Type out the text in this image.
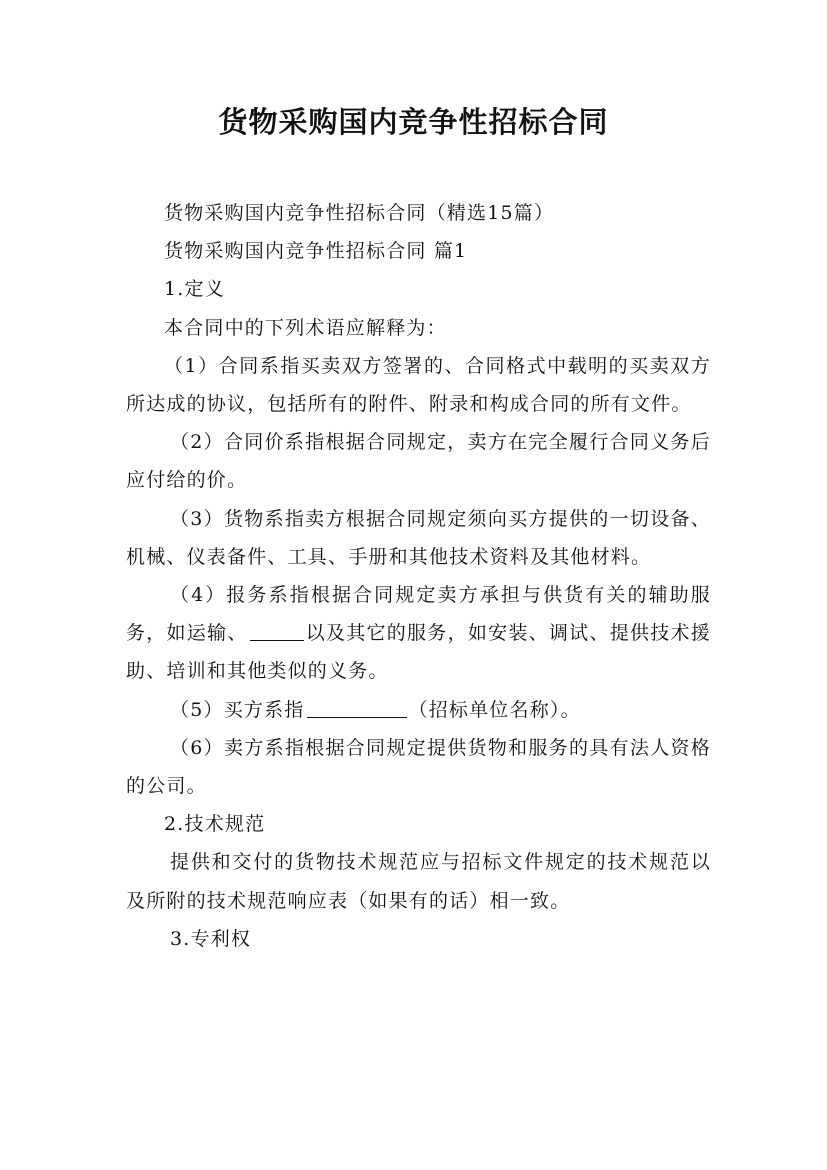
货物采购国内竞争性招标合同

货物采购国内竞争性招标合同（精选15篇）

货物采购国内竞争性招标合同 篇1

1.定义

本合同中的下列术语应解释为：

（1）合同系指买卖双方签署的、合同格式中载明的买卖双方所达成的协议，包括所有的附件、附录和构成合同的所有文件。

（2）合同价系指根据合同规定，卖方在完全履行合同义务后应付给的价。

（3）货物系指卖方根据合同规定须向买方提供的一切设备、机械、仪表备件、工具、手册和其他技术资料及其他材料。

（4）报务系指根据合同规定卖方承担与供货有关的辅助服务，如运输、	以及其它的服务，如安装、调试、提供技术援助、培训和其他类似的义务。

（5）买方系指	（招标单位名称）。

（6）卖方系指根据合同规定提供货物和服务的具有法人资格的公司。

2.技术规范

提供和交付的货物技术规范应与招标文件规定的技术规范以及所附的技术规范响应表（如果有的话）相一致。

3.专利权
